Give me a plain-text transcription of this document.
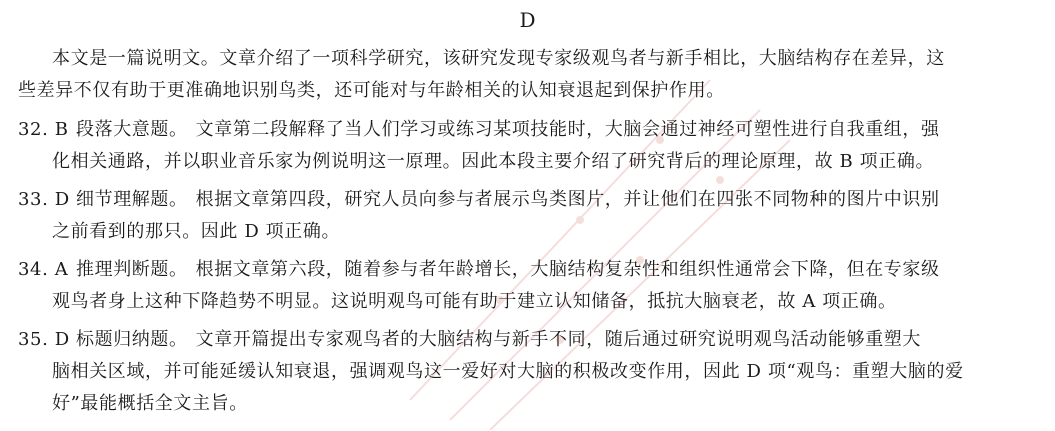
D
本文是一篇说明文。文章介绍了一项科学研究，该研究发现专家级观鸟者与新手相比，大脑结构存在差异，这
些差异不仅有助于更准确地识别鸟类，还可能对与年龄相关的认知衰退起到保护作用。
32. B 段落大意题。 文章第二段解释了当人们学习或练习某项技能时，大脑会通过神经可塑性进行自我重组，强
化相关通路，并以职业音乐家为例说明这一原理。因此本段主要介绍了研究背后的理论原理，故 B 项正确。
33. D 细节理解题。 根据文章第四段，研究人员向参与者展示鸟类图片，并让他们在四张不同物种的图片中识别
之前看到的那只。因此 D 项正确。
34. A 推理判断题。 根据文章第六段，随着参与者年龄增长，大脑结构复杂性和组织性通常会下降，但在专家级
观鸟者身上这种下降趋势不明显。这说明观鸟可能有助于建立认知储备，抵抗大脑衰老，故 A 项正确。
35. D 标题归纳题。 文章开篇提出专家观鸟者的大脑结构与新手不同，随后通过研究说明观鸟活动能够重塑大
脑相关区域，并可能延缓认知衰退，强调观鸟这一爱好对大脑的积极改变作用，因此 D 项“观鸟：重塑大脑的爱
好”最能概括全文主旨。
